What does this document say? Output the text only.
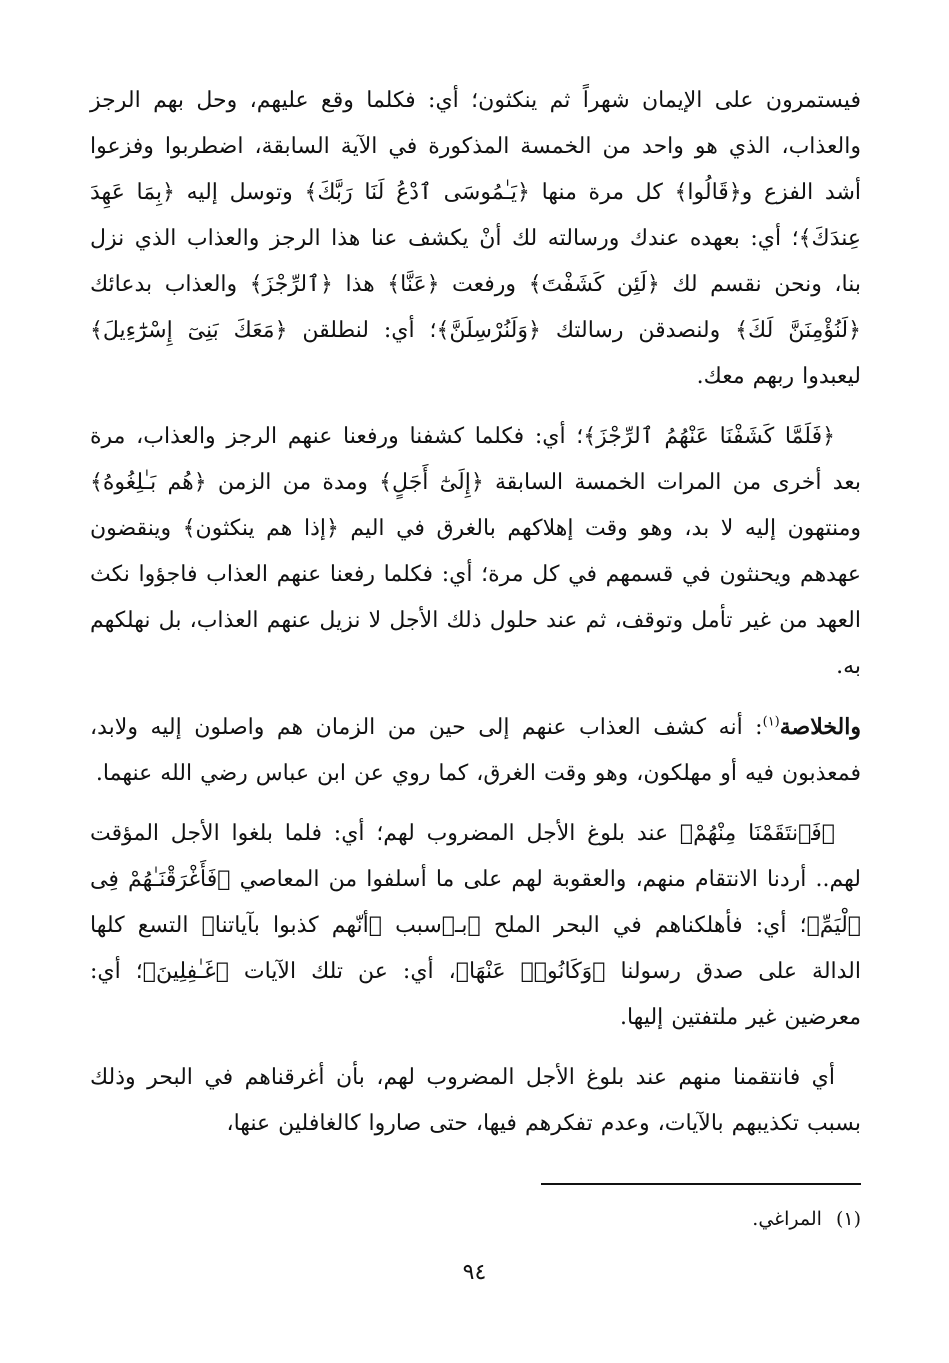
فيستمرون على الإيمان شهراً ثم ينكثون؛ أي: فكلما وقع عليهم، وحل بهم الرجز والعذاب، الذي هو واحد من الخمسة المذكورة في الآية السابقة، اضطربوا وفزعوا أشد الفزع و﴿قَالُوا﴾ كل مرة منها ﴿يَـٰمُوسَى ٱدْعُ لَنَا رَبَّكَ﴾ وتوسل إليه ﴿بِمَا عَهِدَ عِندَكَ﴾؛ أي: بعهده عندك ورسالته لك أنْ يكشف عنا هذا الرجز والعذاب الذي نزل بنا، ونحن نقسم لك ﴿لَئِن كَشَفْتَ﴾ ورفعت ﴿عَنَّا﴾ هذا ﴿ٱلرِّجْزَ﴾ والعذاب بدعائك ﴿لَنُؤْمِنَنَّ لَكَ﴾ ولنصدقن رسالتك ﴿وَلَنُرْسِلَنَّ﴾؛ أي: لنطلقن ﴿مَعَكَ بَنِىٓ إِسْرَٰٓءِيلَ﴾ ليعبدوا ربهم معك.

﴿فَلَمَّا كَشَفْنَا عَنْهُمُ ٱلرِّجْزَ﴾؛ أي: فكلما كشفنا ورفعنا عنهم الرجز والعذاب، مرة بعد أخرى من المرات الخمسة السابقة ﴿إِلَىٰٓ أَجَلٍ﴾ ومدة من الزمن ﴿هُم بَـٰلِغُوهُ﴾ ومنتهون إليه لا بد، وهو وقت إهلاكهم بالغرق في اليم ﴿إذا هم ينكثون﴾ وينقضون عهدهم ويحنثون في قسمهم في كل مرة؛ أي: فكلما رفعنا عنهم العذاب فاجؤوا نكث العهد من غير تأمل وتوقف، ثم عند حلول ذلك الأجل لا نزيل عنهم العذاب، بل نهلكهم به.

والخلاصة$^{(١)}$: أنه كشف العذاب عنهم إلى حين من الزمان هم واصلون إليه ولابد، فمعذبون فيه أو مهلكون، وهو وقت الغرق، كما روي عن ابن عباس رضي الله عنهما.

﴿فَٱنتَقَمْنَا مِنْهُمْ﴾ عند بلوغ الأجل المضروب لهم؛ أي: فلما بلغوا الأجل المؤقت لهم.. أردنا الانتقام منهم، والعقوبة لهم على ما أسلفوا من المعاصي ﴿فَأَغْرَقْنَـٰهُمْ فِى ٱلْيَمِّ﴾؛ أي: فأهلكناهم في البحر الملح ﴿بـ﴾سبب ﴿أنّهم كذبوا بآياتنا﴾ التسع كلها الدالة على صدق رسولنا ﴿وَكَانُوا۟ عَنْهَا﴾، أي: عن تلك الآيات ﴿غَـٰفِلِينَ﴾؛ أي: معرضين غير ملتفتين إليها.

أي فانتقمنا منهم عند بلوغ الأجل المضروب لهم، بأن أغرقناهم في البحر وذلك بسبب تكذيبهم بالآيات، وعدم تفكرهم فيها، حتى صاروا كالغافلين عنها،

(١)المراغي.
٩٤
